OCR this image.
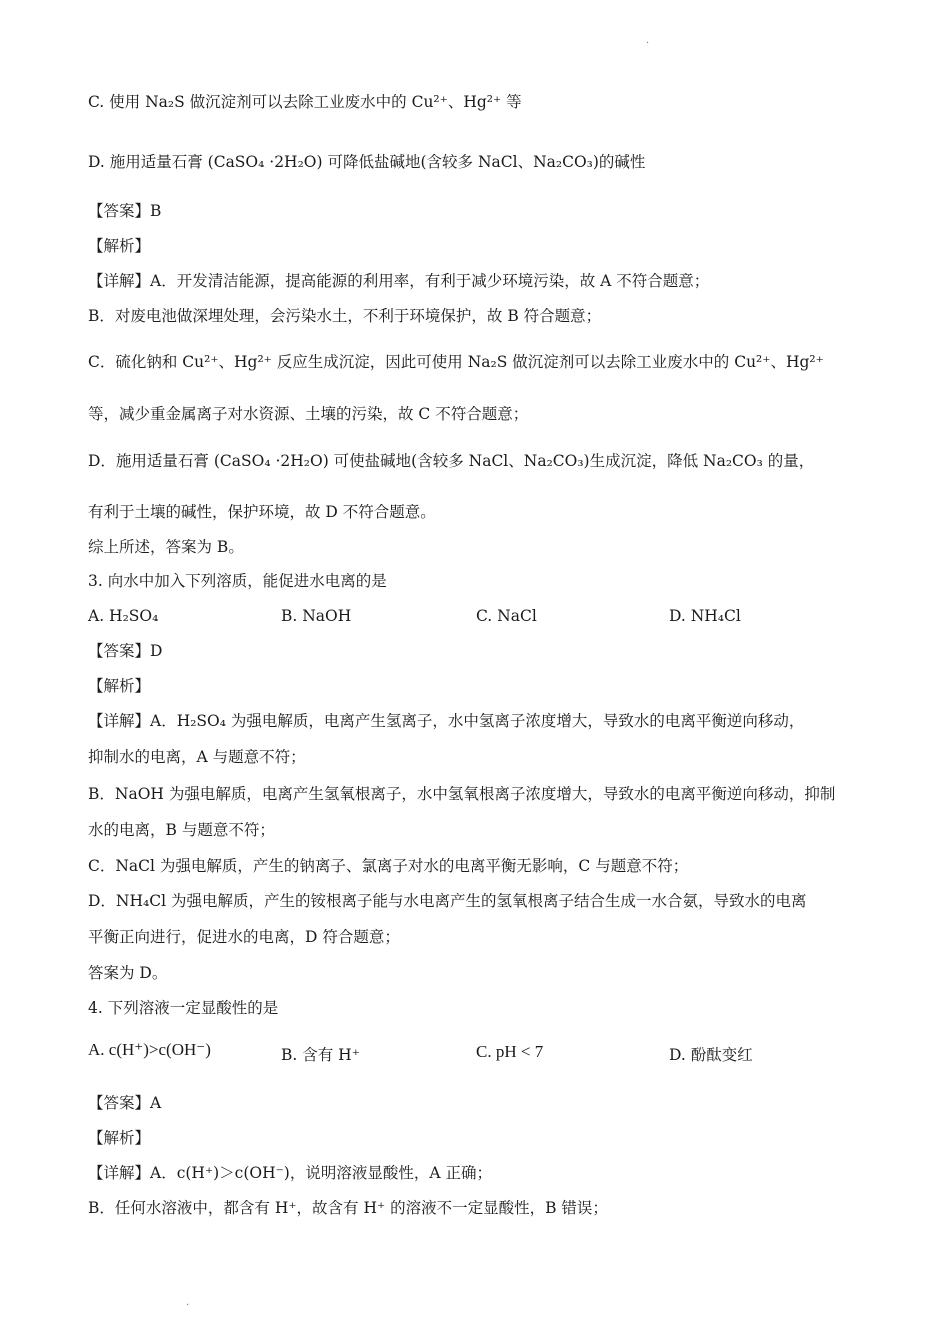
·
C. 使用 Na₂S 做沉淀剂可以去除工业废水中的 Cu²⁺、Hg²⁺ 等
D. 施用适量石膏 (CaSO₄ ·2H₂O) 可降低盐碱地(含较多 NaCl、Na₂CO₃)的碱性
【答案】B
【解析】
【详解】A．开发清洁能源，提高能源的利用率，有利于减少环境污染，故 A 不符合题意；
B．对废电池做深埋处理，会污染水土，不利于环境保护，故 B 符合题意；
C．硫化钠和 Cu²⁺、Hg²⁺ 反应生成沉淀，因此可使用 Na₂S 做沉淀剂可以去除工业废水中的 Cu²⁺、Hg²⁺
等，减少重金属离子对水资源、土壤的污染，故 C 不符合题意；
D．施用适量石膏 (CaSO₄ ·2H₂O) 可使盐碱地(含较多 NaCl、Na₂CO₃)生成沉淀，降低 Na₂CO₃ 的量，
有利于土壤的碱性，保护环境，故 D 不符合题意。
综上所述，答案为 B。
3. 向水中加入下列溶质，能促进水电离的是
A. H₂SO₄	B. NaOH	C. NaCl	D. NH₄Cl
【答案】D
【解析】
【详解】A．H₂SO₄ 为强电解质，电离产生氢离子，水中氢离子浓度增大，导致水的电离平衡逆向移动，
抑制水的电离，A 与题意不符；
B．NaOH 为强电解质，电离产生氢氧根离子，水中氢氧根离子浓度增大，导致水的电离平衡逆向移动，抑制
水的电离，B 与题意不符；
C．NaCl 为强电解质，产生的钠离子、氯离子对水的电离平衡无影响，C 与题意不符；
D．NH₄Cl 为强电解质，产生的铵根离子能与水电离产生的氢氧根离子结合生成一水合氨，导致水的电离
平衡正向进行，促进水的电离，D 符合题意；
答案为 D。
4. 下列溶液一定显酸性的是
A. c(H⁺)>c(OH⁻)	B. 含有 H⁺	C. pH < 7	D. 酚酞变红
【答案】A
【解析】
【详解】A．c(H⁺)＞c(OH⁻)，说明溶液显酸性，A 正确；
B．任何水溶液中，都含有 H⁺，故含有 H⁺ 的溶液不一定显酸性，B 错误；
·
